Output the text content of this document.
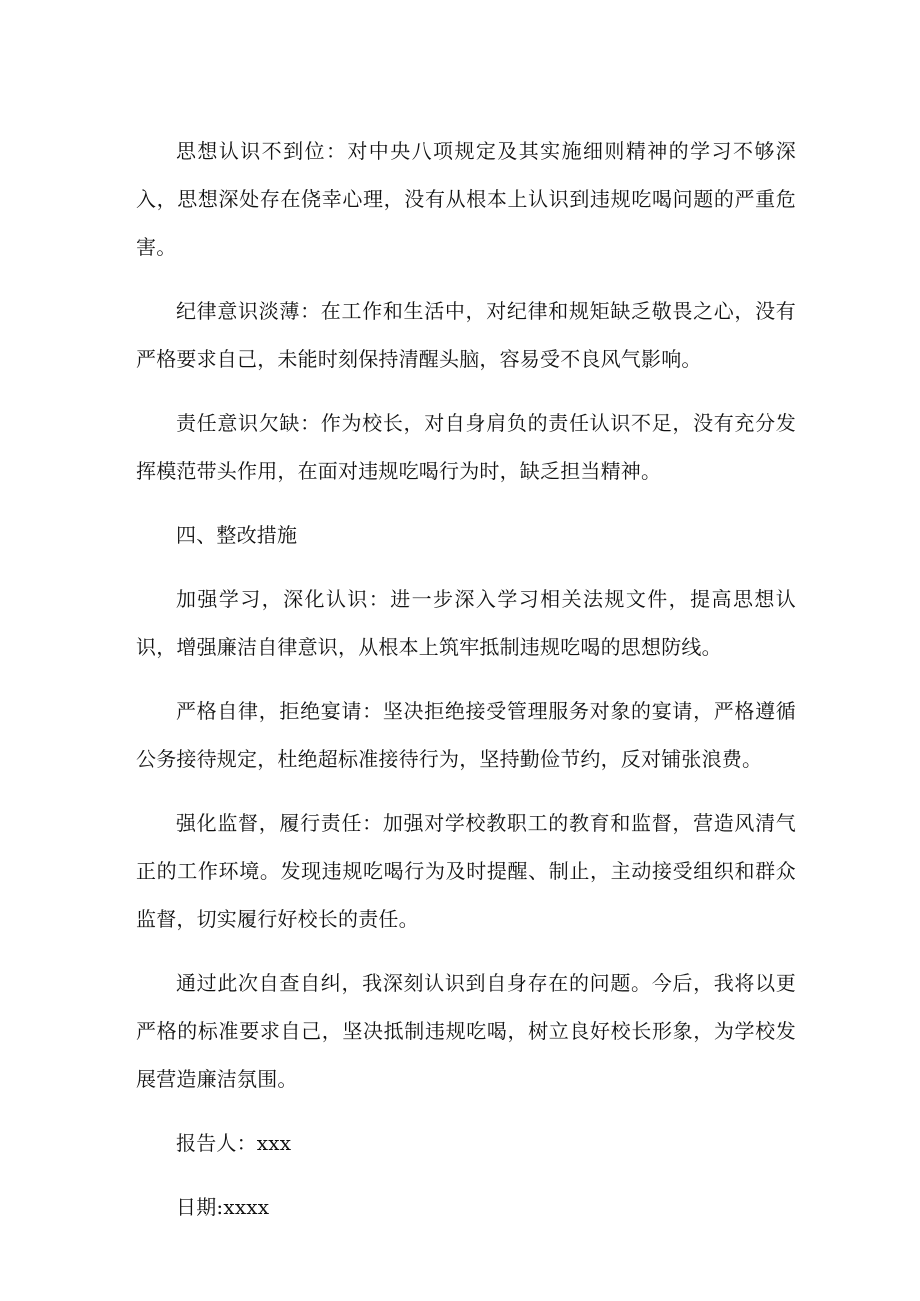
思想认识不到位：对中央八项规定及其实施细则精神的学习不够深入，思想深处存在侥幸心理，没有从根本上认识到违规吃喝问题的严重危害。

纪律意识淡薄：在工作和生活中，对纪律和规矩缺乏敬畏之心，没有严格要求自己，未能时刻保持清醒头脑，容易受不良风气影响。

责任意识欠缺：作为校长，对自身肩负的责任认识不足，没有充分发挥模范带头作用，在面对违规吃喝行为时，缺乏担当精神。

四、整改措施

加强学习，深化认识：进一步深入学习相关法规文件，提高思想认识，增强廉洁自律意识，从根本上筑牢抵制违规吃喝的思想防线。

严格自律，拒绝宴请：坚决拒绝接受管理服务对象的宴请，严格遵循公务接待规定，杜绝超标准接待行为，坚持勤俭节约，反对铺张浪费。

强化监督，履行责任：加强对学校教职工的教育和监督，营造风清气正的工作环境。发现违规吃喝行为及时提醒、制止，主动接受组织和群众监督，切实履行好校长的责任。

通过此次自查自纠，我深刻认识到自身存在的问题。今后，我将以更严格的标准要求自己，坚决抵制违规吃喝，树立良好校长形象，为学校发展营造廉洁氛围。

报告人：xxx

日期:xxxx
